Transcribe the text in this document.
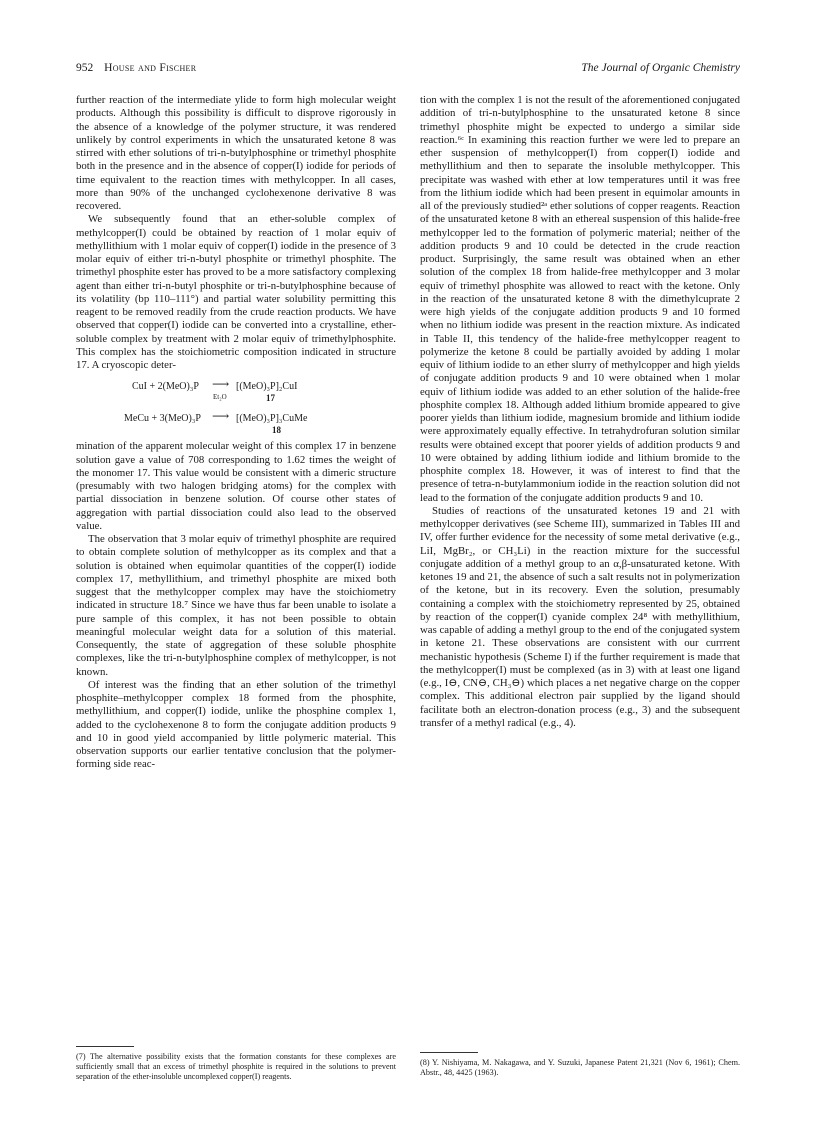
952 House and Fischer	The Journal of Organic Chemistry

further reaction of the intermediate ylide to form high molecular weight products. Although this possibility is difficult to disprove rigorously in the absence of a knowledge of the polymer structure, it was rendered unlikely by control experiments in which the unsaturated ketone 8 was stirred with ether solutions of tri-n-butylphosphine or trimethyl phosphite both in the presence and in the absence of copper(I) iodide for periods of time equivalent to the reaction times with methylcopper. In all cases, more than 90% of the unchanged cyclohexenone derivative 8 was recovered.

We subsequently found that an ether-soluble complex of methylcopper(I) could be obtained by reaction of 1 molar equiv of methyllithium with 1 molar equiv of copper(I) iodide in the presence of 3 molar equiv of either tri-n-butyl phosphite or trimethyl phosphite. The trimethyl phosphite ester has proved to be a more satisfactory complexing agent than either tri-n-butyl phosphite or tri-n-butylphosphine because of its volatility (bp 110–111°) and partial water solubility permitting this reagent to be removed readily from the crude reaction products. We have observed that copper(I) iodide can be converted into a crystalline, ether-soluble complex by treatment with 2 molar equiv of trimethylphosphite. This complex has the stoichiometric composition indicated in structure 17. A cryoscopic deter-

CuI + 2(MeO)₃P ⟶
Et₂O
[(MeO)₃P]₂CuI
17
MeCu + 3(MeO)₃P ⟶ [(MeO)₃P]₃CuMe
18

mination of the apparent molecular weight of this complex 17 in benzene solution gave a value of 708 corresponding to 1.62 times the weight of the monomer 17. This value would be consistent with a dimeric structure (presumably with two halogen bridging atoms) for the complex with partial dissociation in benzene solution. Of course other states of aggregation with partial dissociation could also lead to the observed value.

The observation that 3 molar equiv of trimethyl phosphite are required to obtain complete solution of methylcopper as its complex and that a solution is obtained when equimolar quantities of the copper(I) iodide complex 17, methyllithium, and trimethyl phosphite are mixed both suggest that the methylcopper complex may have the stoichiometry indicated in structure 18.⁷ Since we have thus far been unable to isolate a pure sample of this complex, it has not been possible to obtain meaningful molecular weight data for a solution of this material. Consequently, the state of aggregation of these soluble phosphite complexes, like the tri-n-butylphosphine complex of methylcopper, is not known.

Of interest was the finding that an ether solution of the trimethyl phosphite–methylcopper complex 18 formed from the phosphite, methyllithium, and copper(I) iodide, unlike the phosphine complex 1, added to the cyclohexenone 8 to form the conjugate addition products 9 and 10 in good yield accompanied by little polymeric material. This observation supports our earlier tentative conclusion that the polymer-forming side reac-

tion with the complex 1 is not the result of the aforementioned conjugated addition of tri-n-butylphosphine to the unsaturated ketone 8 since trimethyl phosphite might be expected to undergo a similar side reaction.⁶ᶜ In examining this reaction further we were led to prepare an ether suspension of methylcopper(I) from copper(I) iodide and methyllithium and then to separate the insoluble methylcopper. This precipitate was washed with ether at low temperatures until it was free from the lithium iodide which had been present in equimolar amounts in all of the previously studied²ᵃ ether solutions of copper reagents. Reaction of the unsaturated ketone 8 with an ethereal suspension of this halide-free methylcopper led to the formation of polymeric material; neither of the addition products 9 and 10 could be detected in the crude reaction product. Surprisingly, the same result was obtained when an ether solution of the complex 18 from halide-free methylcopper and 3 molar equiv of trimethyl phosphite was allowed to react with the ketone. Only in the reaction of the unsaturated ketone 8 with the dimethylcuprate 2 were high yields of the conjugate addition products 9 and 10 formed when no lithium iodide was present in the reaction mixture. As indicated in Table II, this tendency of the halide-free methylcopper reagent to polymerize the ketone 8 could be partially avoided by adding 1 molar equiv of lithium iodide to an ether slurry of methylcopper and high yields of conjugate addition products 9 and 10 were obtained when 1 molar equiv of lithium iodide was added to an ether solution of the halide-free phosphite complex 18. Although added lithium bromide appeared to give poorer yields than lithium iodide, magnesium bromide and lithium iodide were approximately equally effective. In tetrahydrofuran solution similar results were obtained except that poorer yields of addition products 9 and 10 were obtained by adding lithium iodide and lithium bromide to the phosphite complex 18. However, it was of interest to find that the presence of tetra-n-butylammonium iodide in the reaction solution did not lead to the formation of the conjugate addition products 9 and 10.

Studies of reactions of the unsaturated ketones 19 and 21 with methylcopper derivatives (see Scheme III), summarized in Tables III and IV, offer further evidence for the necessity of some metal derivative (e.g., LiI, MgBr₂, or CH₃Li) in the reaction mixture for the successful conjugate addition of a methyl group to an α,β-unsaturated ketone. With ketones 19 and 21, the absence of such a salt results not in polymerization of the ketone, but in its recovery. Even the solution, presumably containing a complex with the stoichiometry represented by 25, obtained by reaction of the copper(I) cyanide complex 24⁸ with methyllithium, was capable of adding a methyl group to the end of the conjugated system in ketone 21. These observations are consistent with our currrent mechanistic hypothesis (Scheme I) if the further requirement is made that the methylcopper(I) must be complexed (as in 3) with at least one ligand (e.g., I⊖, CN⊖, CH₃⊖) which places a net negative charge on the copper complex. This additional electron pair supplied by the ligand should facilitate both an electron-donation process (e.g., 3) and the subsequent transfer of a methyl radical (e.g., 4).

(7) The alternative possibility exists that the formation constants for these complexes are sufficiently small that an excess of trimethyl phosphite is required in the solutions to prevent separation of the ether-insoluble uncomplexed copper(I) reagents.
(8) Y. Nishiyama, M. Nakagawa, and Y. Suzuki, Japanese Patent 21,321 (Nov 6, 1961); Chem. Abstr., 48, 4425 (1963).
